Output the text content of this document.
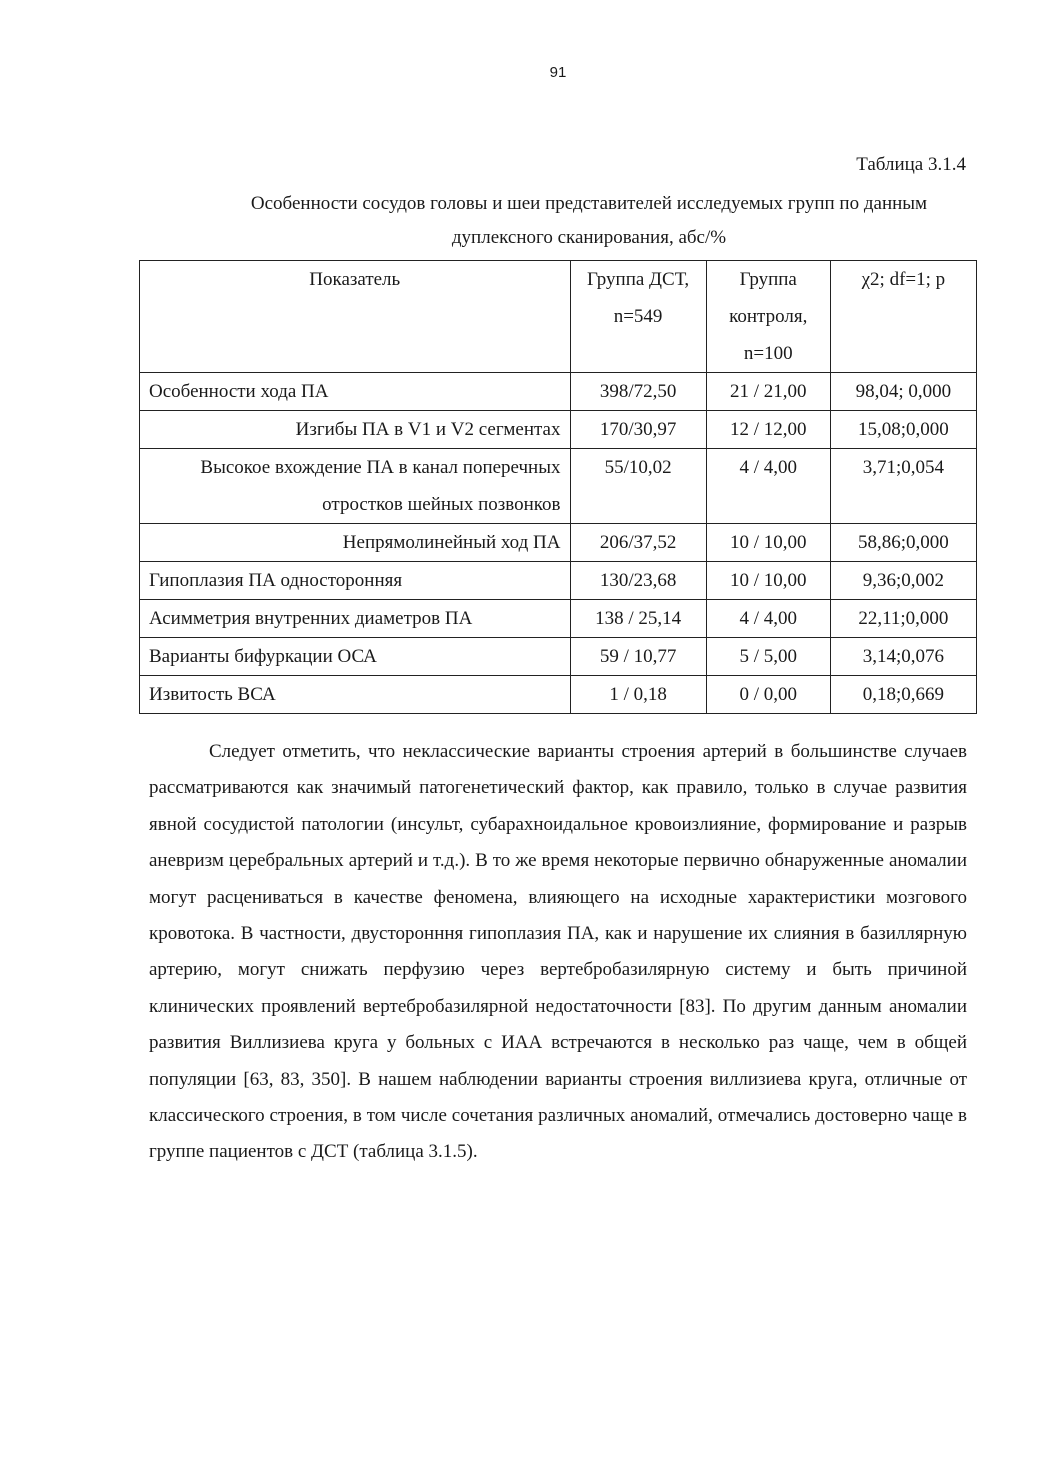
91
Таблица 3.1.4
Особенности сосудов головы и шеи представителей исследуемых групп по данным дуплексного сканирования, абс/%
Показатель	Группа ДСТ, n=549	Группа контроля, n=100	χ2; df=1; p
Особенности хода ПА	398/72,50	21 / 21,00	98,04; 0,000
Изгибы ПА в V1 и V2 сегментах	170/30,97	12 / 12,00	15,08;0,000
Высокое вхождение ПА в канал поперечных отростков шейных позвонков	55/10,02	4 / 4,00	3,71;0,054
Непрямолинейный ход ПА	206/37,52	10 / 10,00	58,86;0,000
Гипоплазия ПА односторонняя	130/23,68	10 / 10,00	9,36;0,002
Асимметрия внутренних диаметров ПА	138 / 25,14	4 / 4,00	22,11;0,000
Варианты бифуркации ОСА	59 / 10,77	5 / 5,00	3,14;0,076
Извитость ВСА	1 / 0,18	0 / 0,00	0,18;0,669

Следует отметить, что неклассические варианты строения артерий в большинстве случаев рассматриваются как значимый патогенетический фактор, как правило, только в случае развития явной сосудистой патологии (инсульт, субарахноидальное кровоизлияние, формирование и разрыв аневризм церебральных артерий и т.д.). В то же время некоторые первично обнаруженные аномалии могут расцениваться в качестве феномена, влияющего на исходные характеристики мозгового кровотока. В частности, двусторонння гипоплазия ПА, как и нарушение их слияния в базиллярную артерию, могут снижать перфузию через вертебробазилярную систему и быть причиной клинических проявлений вертебробазилярной недостаточности [83]. По другим данным аномалии развития Виллизиева круга у больных с ИАА встречаются в несколько раз чаще, чем в общей популяции [63, 83, 350]. В нашем наблюдении варианты строения виллизиева круга, отличные от классического строения, в том числе сочетания различных аномалий, отмечались достоверно чаще в группе пациентов с ДСТ (таблица 3.1.5).
